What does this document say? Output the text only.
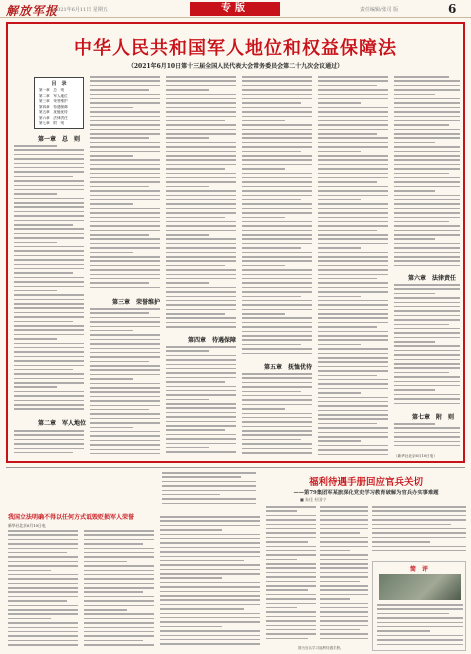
解放军报
2021年6月11日 星期五	专版	责任编辑/张司 版	6
中华人民共和国军人地位和权益保障法
（2021年6月10日第十三届全国人民代表大会常务委员会第二十九次会议通过）
目　录
第一章　总　则
第二章　军人地位
第三章　荣誉维护
第四章　待遇保障
第五章　抚恤优待
第六章　法律责任
第七章　附　则
第一章　总　则
第二章　军人地位
第三章　荣誉维护
第四章　待遇保障
第五章　抚恤优待
第六章　法律责任
第七章　附　则
（新华社北京6月10日电）
我国立法明确不得以任何方式诋毁贬损军人荣誉
新华社北京6月10日电
福利待遇手册回应官兵关切
——第79集团军某旅深化党史学习教育破解为官兵办实事难题
■ 朱佳 杜国宁
简　评
图为官兵学习福利待遇手册。
